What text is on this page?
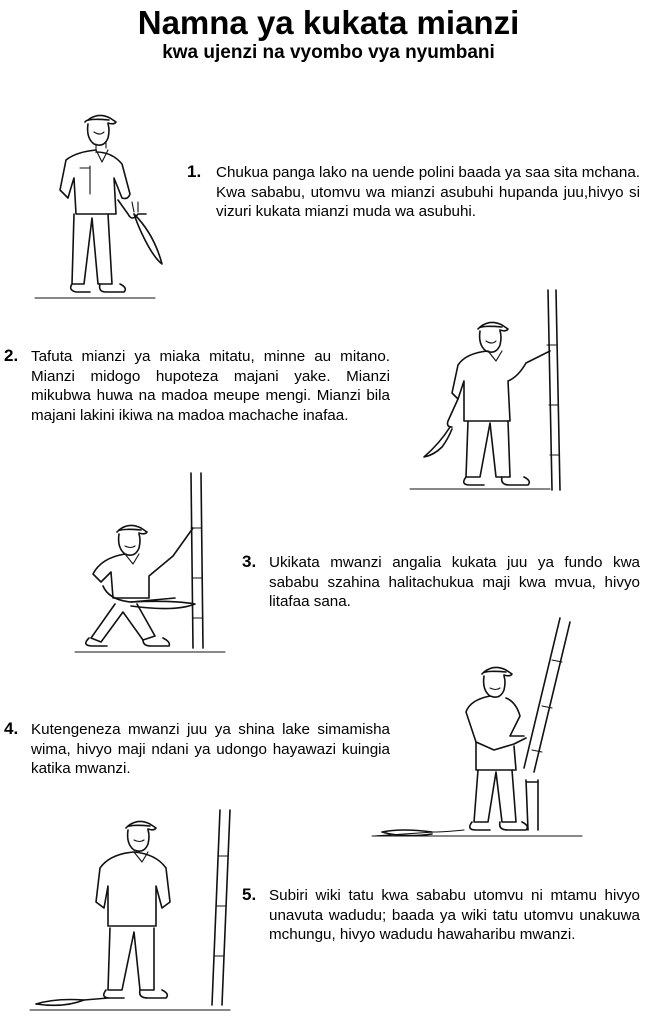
Namna ya kukata mianzi
kwa ujenzi na vyombo vya nyumbani
1. Chukua panga lako na uende polini baada ya saa sita mchana. Kwa sababu, utomvu wa mianzi asubuhi hupanda juu,hivyo si vizuri kukata mianzi muda wa asubuhi.
2. Tafuta mianzi ya miaka mitatu, minne au mitano. Mianzi midogo hupoteza majani yake. Mianzi mikubwa huwa na madoa meupe mengi. Mianzi bila majani lakini ikiwa na madoa machache inafaa.
3. Ukikata mwanzi angalia kukata juu ya fundo kwa sababu szahina halitachukua maji kwa mvua, hivyo litafaa sana.
4. Kutengeneza mwanzi juu ya shina lake simamisha wima, hivyo maji ndani ya udongo hayawazi kuingia katika mwanzi.
5. Subiri wiki tatu kwa sababu utomvu ni mtamu hivyo unavuta wadudu; baada ya wiki tatu utomvu unakuwa mchungu, hivyo wadudu hawaharibu mwanzi.
